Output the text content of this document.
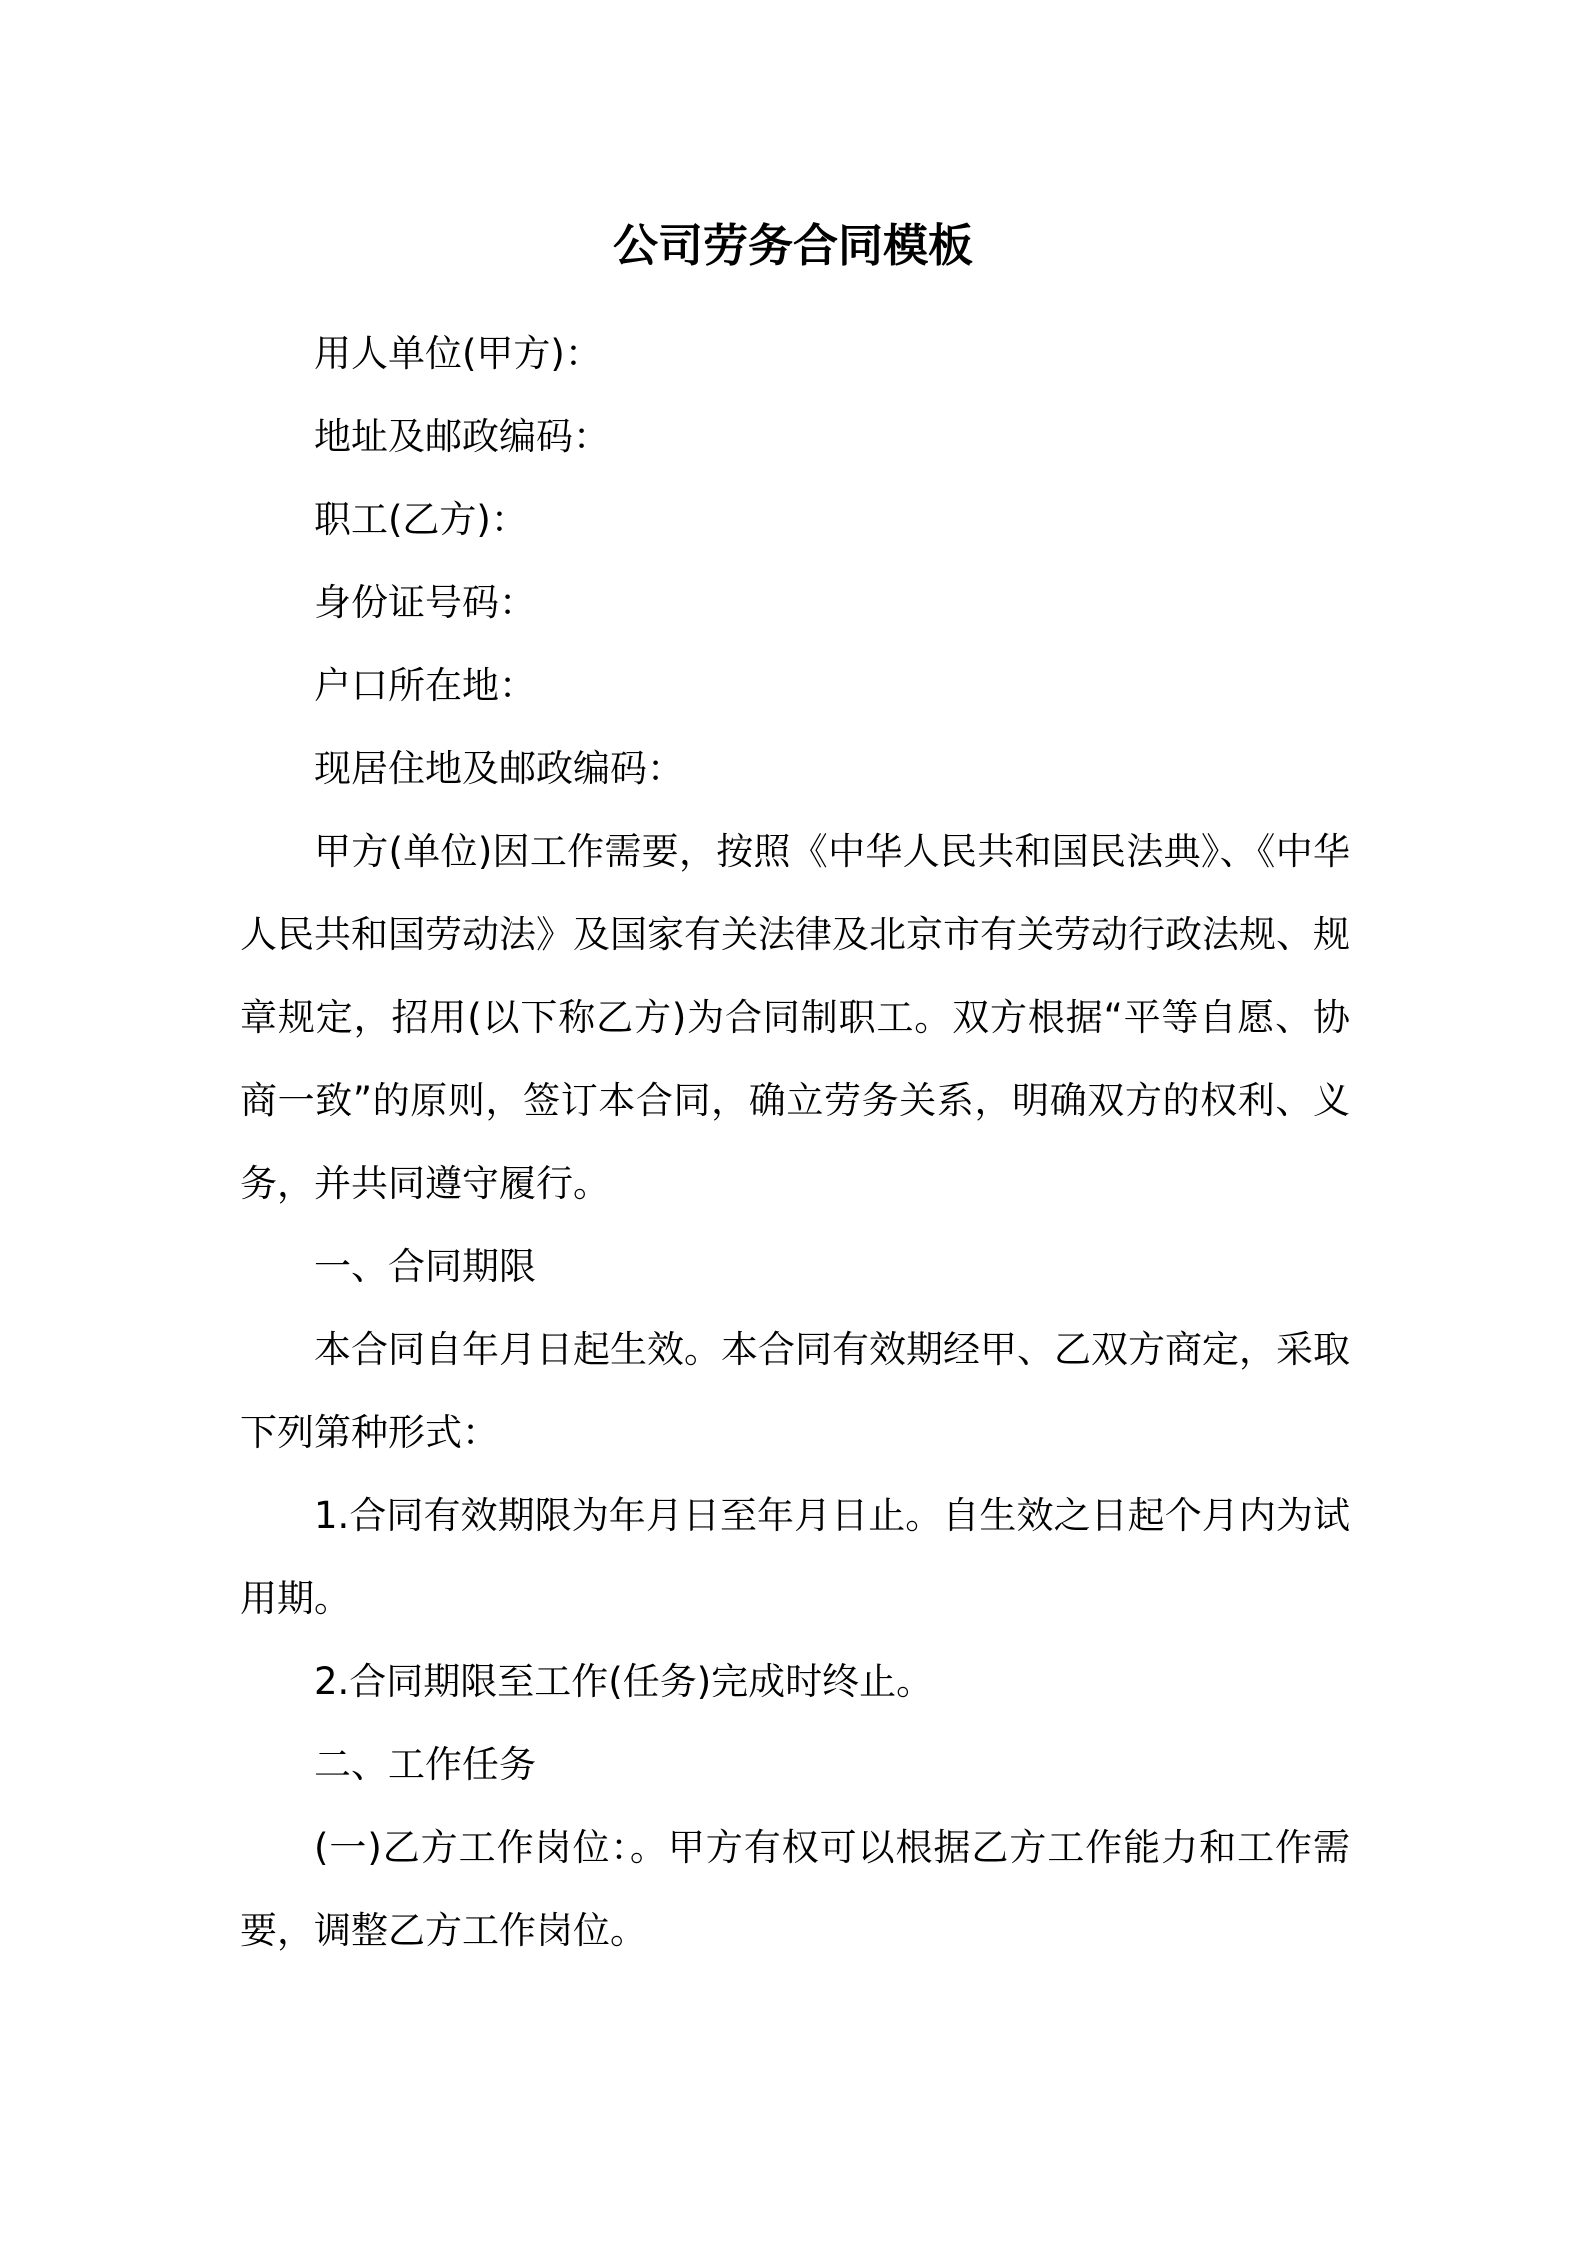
公司劳务合同模板

用人单位(甲方)：

地址及邮政编码：

职工(乙方)：

身份证号码：

户口所在地：

现居住地及邮政编码：

甲方(单位)因工作需要，按照《中华人民共和国民法典》、《中华人民共和国劳动法》及国家有关法律及北京市有关劳动行政法规、规章规定，招用(以下称乙方)为合同制职工。双方根据“平等自愿、协商一致”的原则，签订本合同，确立劳务关系，明确双方的权利、义务，并共同遵守履行。

一、合同期限

本合同自年月日起生效。本合同有效期经甲、乙双方商定，采取下列第种形式：

1.合同有效期限为年月日至年月日止。自生效之日起个月内为试用期。

2.合同期限至工作(任务)完成时终止。

二、工作任务

(一)乙方工作岗位：。甲方有权可以根据乙方工作能力和工作需要，调整乙方工作岗位。
